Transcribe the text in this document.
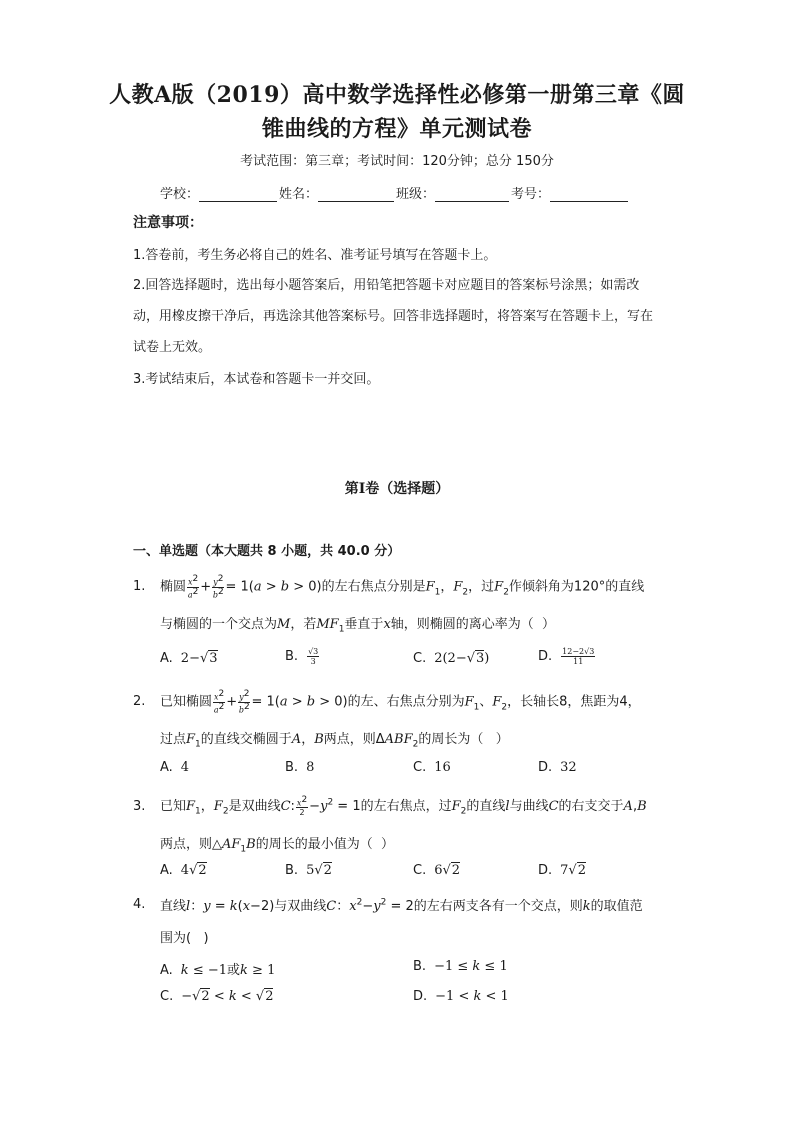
人教A版（2019）高中数学选择性必修第一册第三章《圆
锥曲线的方程》单元测试卷
考试范围：第三章；考试时间：120分钟；总分 150分
学校：	姓名：	班级：	考号：
注意事项：
1.答卷前，考生务必将自己的姓名、准考证号填写在答题卡上。
2.回答选择题时，选出每小题答案后，用铅笔把答题卡对应题目的答案标号涂黑；如需改动，用橡皮擦干净后，再选涂其他答案标号。回答非选择题时，将答案写在答题卡上，写在试卷上无效。
3.考试结束后，本试卷和答题卡一并交回。
第I卷（选择题）
一、单选题（本大题共 8 小题，共 40.0 分）
1. 椭圆 $\frac{x^2}{a^2} + \frac{y^2}{b^2} = 1(a > b > 0)$的左右焦点分别是$F_1$，$F_2$，过$F_2$作倾斜角为120°的直线
与椭圆的一个交点为M，若$MF_1$垂直于x轴，则椭圆的离心率为（  ）
A. 2−√3	B. $\frac{√3}{3}$	C. 2(2−√3)	D. $\frac{12-2√3}{11}$
2. 已知椭圆 $\frac{x^2}{a^2} + \frac{y^2}{b^2} = 1(a > b > 0)$的左、右焦点分别为$F_1$、$F_2$，长轴长8，焦距为4，
过点$F_1$的直线交椭圆于A，B两点，则$\Delta ABF_2$的周长为（   ）
A. 4	B. 8	C. 16	D. 32
3. 已知$F_1$，$F_2$是双曲线C: $\frac{x^2}{2} -y^2 = 1$的左右焦点，过$F_2$的直线l与曲线C的右支交于A,B
两点，则$\triangle AF_1B$的周长的最小值为（  ）
A. 4√2	B. 5√2	C. 6√2	D. 7√2
4. 直线l：y = k(x−2)与双曲线C：$x^2-y^2 = 2$的左右两支各有一个交点，则k的取值范
围为(   )
A. k ≤ −1或k ≥ 1	B. −1 ≤ k ≤ 1
C. −√2 < k < √2	D. −1 < k < 1
